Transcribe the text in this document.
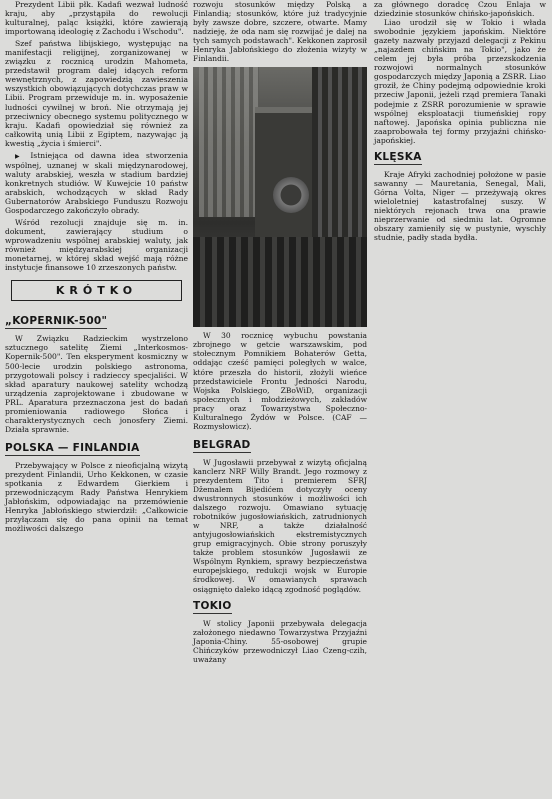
Prezydent Libii płk. Kadafi wezwał ludność kraju, aby „przystąpiła do rewolucji kulturalnej, paląc książki, które zawierają importowaną ideologię z Zachodu i Wschodu".

Szef państwa libijskiego, występując na manifestacji religijnej, zorganizowanej w związku z rocznicą urodzin Mahometa, przedstawił program dalej idących reform wewnętrznych, z zapowiedzią zawieszenia wszystkich obowiązujących dotychczas praw w Libii. Program przewiduje m. in. wyposażenie ludności cywilnej w broń. Nie otrzymają jej przeciwnicy obecnego systemu politycznego w kraju. Kadafi opowiedział się również za całkowitą unią Libii z Egiptem, nazywając ją kwestią „życia i śmierci".

▶ Istniejąca od dawna idea stworzenia wspólnej, uznanej w skali międzynarodowej, waluty arabskiej, weszła w stadium bardziej konkretnych studiów. W Kuwejcie 10 państw arabskich, wchodzących w skład Rady Gubernatorów Arabskiego Funduszu Rozwoju Gospodarczego zakończyło obrady.

Wśród rezolucji znajduje się m. in. dokument, zawierający studium o wprowadzeniu wspólnej arabskiej waluty, jak również międzyarabskiej organizacji monetarnej, w której skład wejść mają różne instytucje finansowe 10 zrzeszonych państw.

KRÓTKO
„KOPERNIK-500"

W Związku Radzieckim wystrzelono sztucznego satelitę Ziemi „Interkosmos-Kopernik-500". Ten eksperyment kosmiczny w 500-lecie urodzin polskiego astronoma, przygotowali polscy i radzieccy specjaliści. W skład aparatury naukowej satelity wchodzą urządzenia zaprojektowane i zbudowane w PRL. Aparatura przeznaczona jest do badań promieniowania radiowego Słońca i charakterystycznych cech jonosfery Ziemi. Działa sprawnie.

POLSKA — FINLANDIA

Przebywający w Polsce z nieoficjalną wizytą prezydent Finlandii, Urho Kekkonen, w czasie spotkania z Edwardem Gierkiem i przewodniczącym Rady Państwa Henrykiem Jabłońskim, odpowiadając na przemówienie Henryka Jabłońskiego stwierdził: „Całkowicie przyłączam się do pana opinii na temat możliwości dalszego

rozwoju stosunków między Polską a Finlandią; stosunków, które już tradycyjnie były zawsze dobre, szczere, otwarte. Mamy nadzieję, że oda nam się rozwijać je dalej na tych samych podstawach". Kekkonen zaprosił Henryka Jabłońskiego do złożenia wizyty w Finlandii.

W 30 rocznicę wybuchu powstania zbrojnego w getcie warszawskim, pod stołecznym Pomnikiem Bohaterów Getta, oddając cześć pamięci poległych w walce, które przeszła do historii, złożyli wieńce przedstawiciele Frontu Jedności Narodu, Wojska Polskiego, ZBoWiD, organizacji społecznych i młodzieżowych, zakładów pracy oraz Towarzystwa Społeczno-Kulturalnego Żydów w Polsce. (CAF — Rozmysłowicz).

BELGRAD

W Jugosławii przebywał z wizytą oficjalną kanclerz NRF Willy Brandt. Jego rozmowy z prezydentem Tito i premierem SFRJ Džemalem Bijedićem dotyczyły oceny dwustronnych stosunków i możliwości ich dalszego rozwoju. Omawiano sytuację robotników jugosłowiańskich, zatrudnionych w NRF, a także działalność antyjugosłowiańskich ekstremistycznych grup emigracyjnych. Obie strony poruszyły także problem stosunków Jugosławii ze Wspólnym Rynkiem, sprawy bezpieczeństwa europejskiego, redukcji wojsk w Europie środkowej. W omawianych sprawach osiągnięto daleko idącą zgodność poglądów.

TOKIO

W stolicy Japonii przebywała delegacja założonego niedawno Towarzystwa Przyjaźni Japonia-Chiny. 55-osobowej grupie Chińczyków przewodniczył Liao Czeng-czih, uważany

za głównego doradcę Czou Enlaja w dziedzinie stosunków chińsko-japońskich.

Liao urodził się w Tokio i włada swobodnie językiem japońskim. Niektóre gazety nazwały przyjazd delegacji z Pekinu „najazdem chińskim na Tokio", jako że celem jej była próba przezskodzenia rozwojowi normalnych stosunków gospodarczych między Japonią a ZSRR. Liao groził, że Chiny podejmą odpowiednie kroki przeciw Japonii, jeżeli rząd premiera Tanaki podejmie z ZSRR porozumienie w sprawie wspólnej eksploatacji tiumeńskiej ropy naftowej. Japońska opinia publiczna nie zaaprobowała tej formy przyjaźni chińsko-japońskiej.

KLĘSKA

Kraje Afryki zachodniej położone w pasie sawanny — Mauretania, Senegal, Mali, Górna Volta, Niger — przeżywają okres wieloletniej katastrofalnej suszy. W niektórych rejonach trwa ona prawie nieprzerwanie od siedmiu lat. Ogromne obszary zamieniły się w pustynie, wyschły studnie, padły stada bydła.
